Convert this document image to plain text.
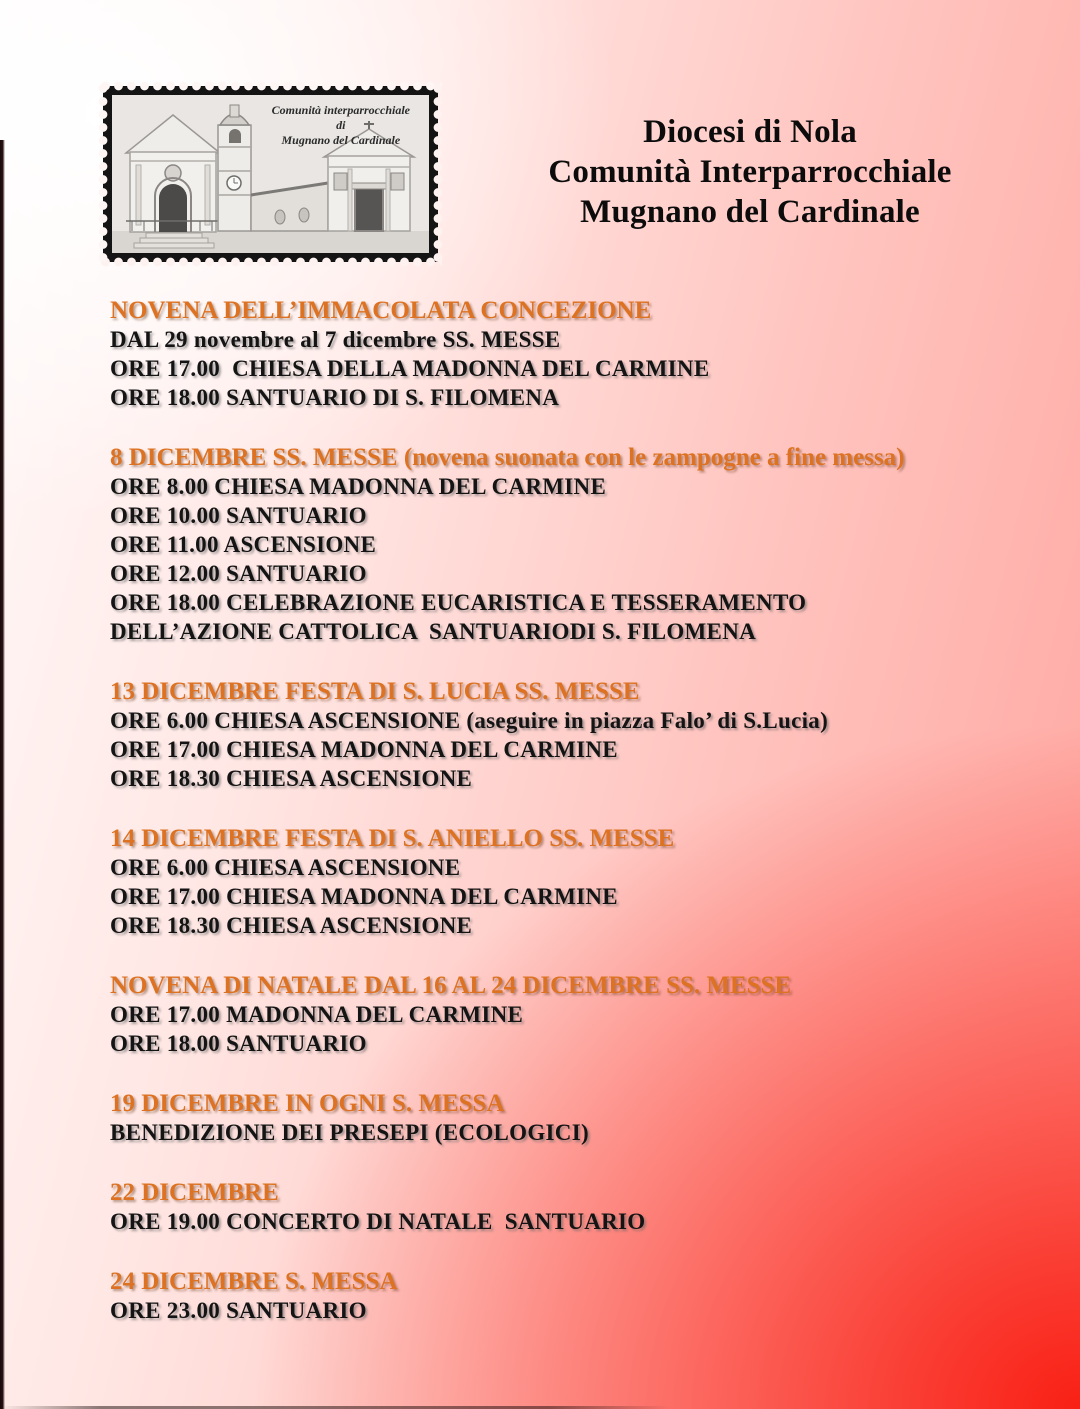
Comunità interparrocchiale
di
Mugnano del Cardinale	Diocesi di Nola
Comunità Interparrocchiale
Mugnano del Cardinale
NOVENA DELL’IMMACOLATA CONCEZIONE
DAL 29 novembre al 7 dicembre SS. MESSE
ORE 17.00  CHIESA DELLA MADONNA DEL CARMINE
ORE 18.00 SANTUARIO DI S. FILOMENA
8 DICEMBRE SS. MESSE (novena suonata con le zampogne a fine messa)
ORE 8.00 CHIESA MADONNA DEL CARMINE
ORE 10.00 SANTUARIO
ORE 11.00 ASCENSIONE
ORE 12.00 SANTUARIO
ORE 18.00 CELEBRAZIONE EUCARISTICA E TESSERAMENTO
DELL’AZIONE CATTOLICA  SANTUARIODI S. FILOMENA
13 DICEMBRE FESTA DI S. LUCIA SS. MESSE
ORE 6.00 CHIESA ASCENSIONE (aseguire in piazza Falo’ di S.Lucia)
ORE 17.00 CHIESA MADONNA DEL CARMINE
ORE 18.30 CHIESA ASCENSIONE
14 DICEMBRE FESTA DI S. ANIELLO SS. MESSE
ORE 6.00 CHIESA ASCENSIONE
ORE 17.00 CHIESA MADONNA DEL CARMINE
ORE 18.30 CHIESA ASCENSIONE
NOVENA DI NATALE DAL 16 AL 24 DICEMBRE SS. MESSE
ORE 17.00 MADONNA DEL CARMINE
ORE 18.00 SANTUARIO
19 DICEMBRE IN OGNI S. MESSA
BENEDIZIONE DEI PRESEPI (ECOLOGICI)
22 DICEMBRE
ORE 19.00 CONCERTO DI NATALE  SANTUARIO
24 DICEMBRE S. MESSA
ORE 23.00 SANTUARIO
